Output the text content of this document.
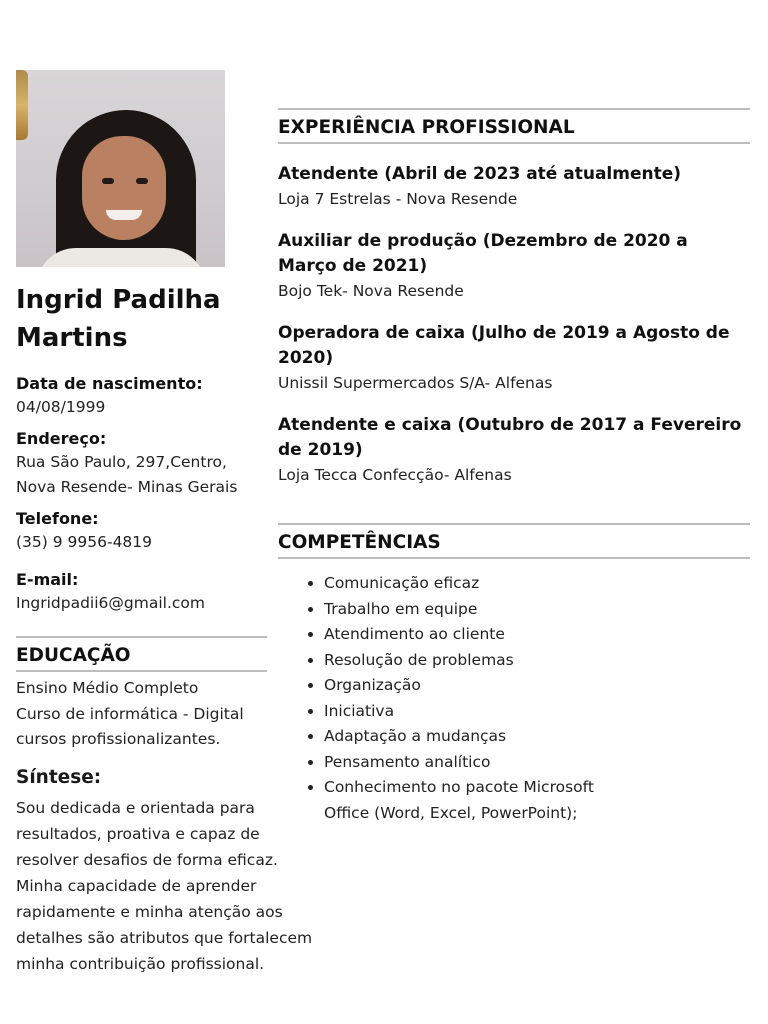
Ingrid Padilha Martins
Data de nascimento:
04/08/1999
Endereço:
Rua São Paulo, 297,Centro, Nova Resende- Minas Gerais
Telefone:
(35) 9 9956-4819
E-mail:
Ingridpadii6@gmail.com
EDUCAÇÃO
Ensino Médio Completo
Curso de informática - Digital cursos profissionalizantes.
Síntese:
Sou dedicada e orientada para resultados, proativa e capaz de resolver desafios de forma eficaz. Minha capacidade de aprender rapidamente e minha atenção aos detalhes são atributos que fortalecem minha contribuição profissional.
EXPERIÊNCIA PROFISSIONAL
Atendente (Abril de 2023 até atualmente)
Loja 7 Estrelas - Nova Resende
Auxiliar de produção (Dezembro de 2020 a Março de 2021)
Bojo Tek- Nova Resende
Operadora de caixa (Julho de 2019 a Agosto de 2020)
Unissil Supermercados S/A- Alfenas
Atendente e caixa (Outubro de 2017 a Fevereiro de 2019)
Loja Tecca Confecção- Alfenas
COMPETÊNCIAS
• Comunicação eficaz
• Trabalho em equipe
• Atendimento ao cliente
• Resolução de problemas
• Organização
• Iniciativa
• Adaptação a mudanças
• Pensamento analítico
• Conhecimento no pacote Microsoft Office (Word, Excel, PowerPoint);
